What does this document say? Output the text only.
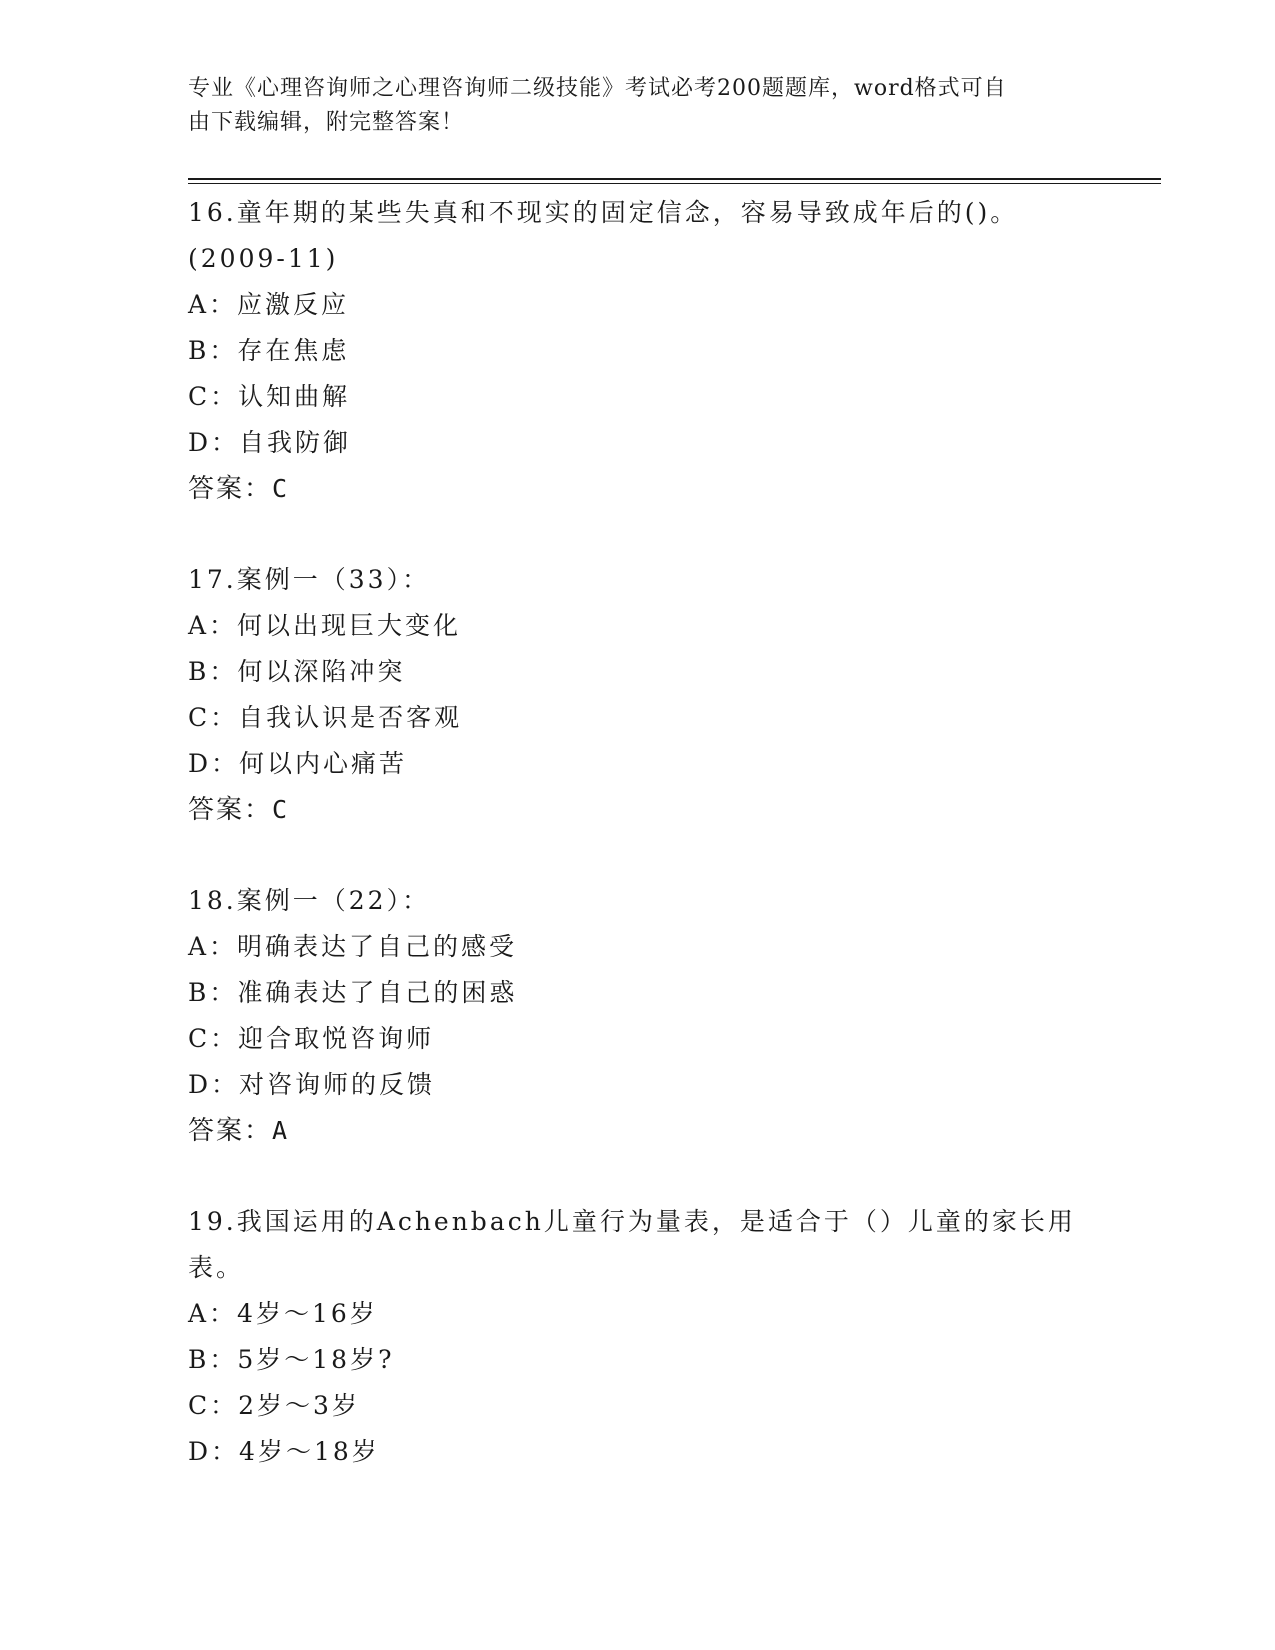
专业《心理咨询师之心理咨询师二级技能》考试必考200题题库，word格式可自
由下载编辑，附完整答案！
16.童年期的某些失真和不现实的固定信念，容易导致成年后的()。
(2009-11)
A：应激反应
B：存在焦虑
C：认知曲解
D：自我防御
答案：C
17.案例一（33）：
A：何以出现巨大变化
B：何以深陷冲突
C：自我认识是否客观
D：何以内心痛苦
答案：C
18.案例一（22）：
A：明确表达了自己的感受
B：准确表达了自己的困惑
C：迎合取悦咨询师
D：对咨询师的反馈
答案：A
19.我国运用的Achenbach儿童行为量表，是适合于（）儿童的家长用
表。
A：4岁～16岁
B：5岁～18岁?
C：2岁～3岁
D：4岁～18岁
